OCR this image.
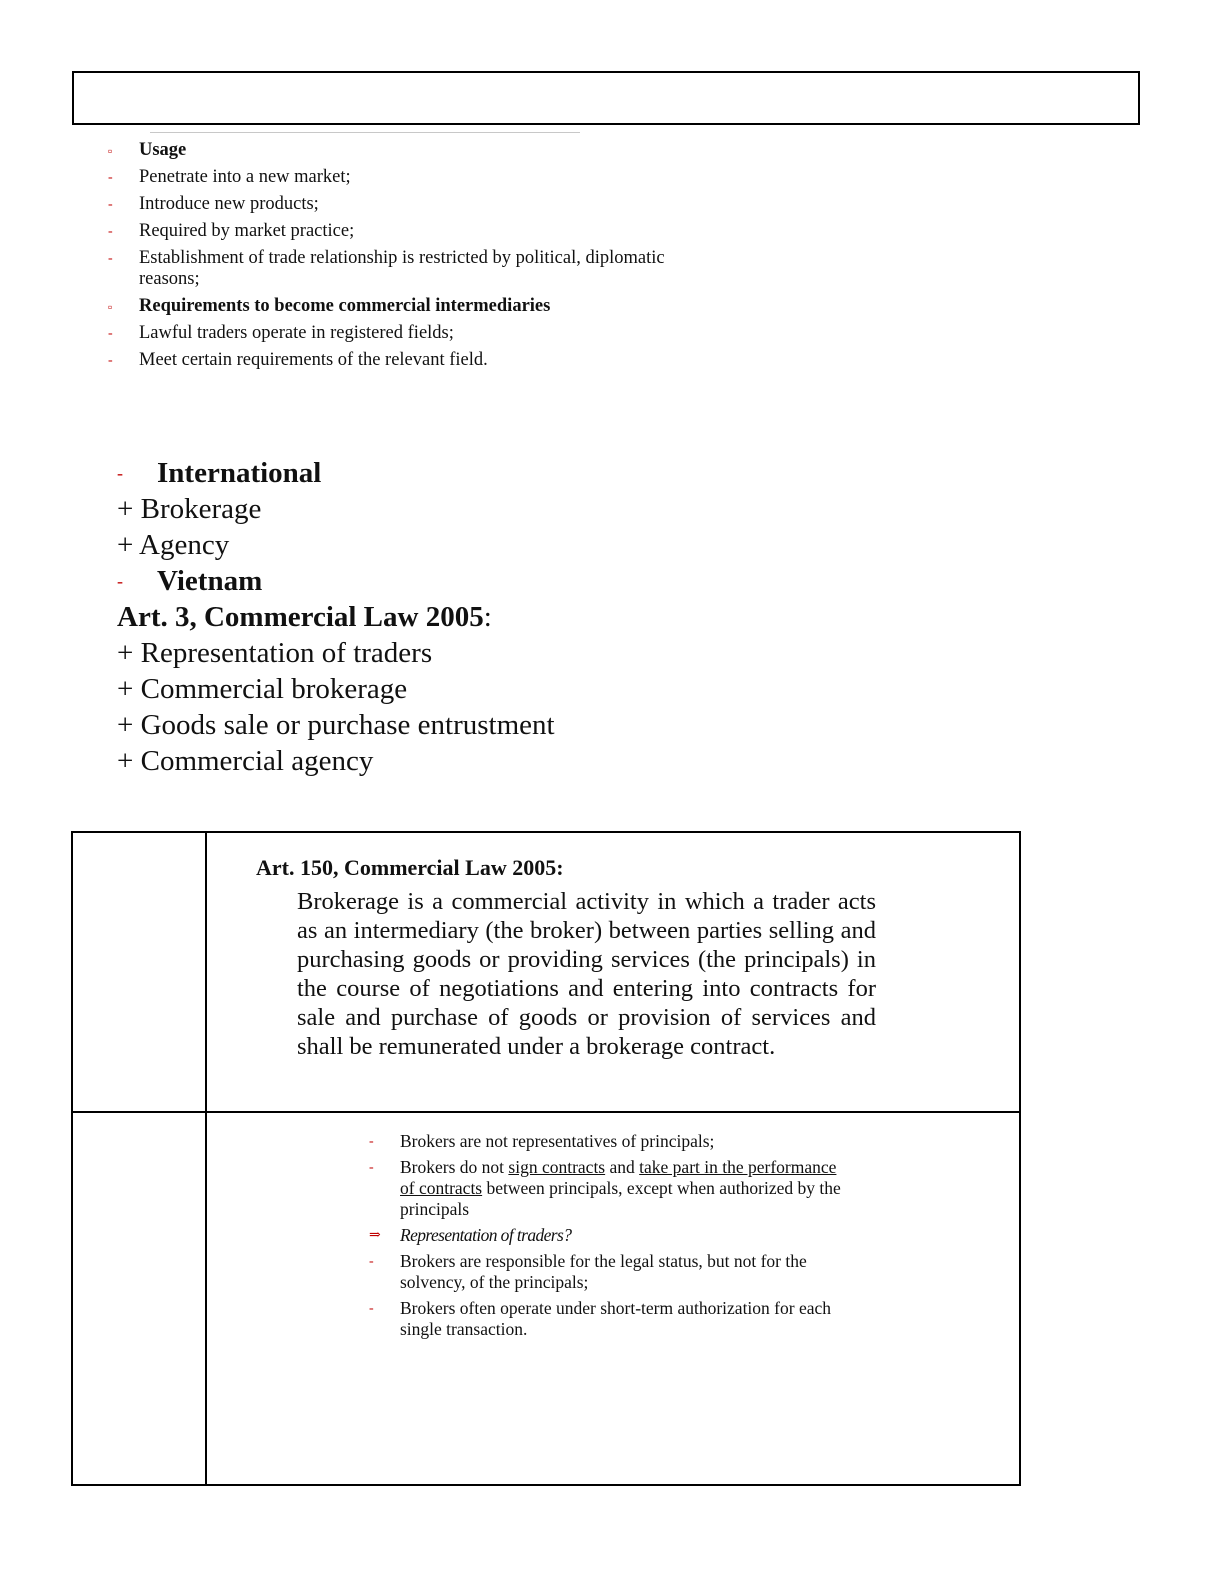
▫ Usage
- Penetrate into a new market;
- Introduce new products;
- Required by market practice;
- Establishment of trade relationship is restricted by political, diplomatic reasons;
▫ Requirements to become commercial intermediaries
- Lawful traders operate in registered fields;
- Meet certain requirements of the relevant field.
- International
+ Brokerage
+ Agency
- Vietnam
Art. 3, Commercial Law 2005:
+ Representation of traders
+ Commercial brokerage
+ Goods sale or purchase entrustment
+ Commercial agency
Art. 150, Commercial Law 2005:
Brokerage is a commercial activity in which a trader acts as an intermediary (the broker) between parties selling and purchasing goods or providing services (the principals) in the course of negotiations and entering into contracts for sale and purchase of goods or provision of services and shall be remunerated under a brokerage contract.
- Brokers are not representatives of principals;
- Brokers do not sign contracts and take part in the performance of contracts between principals, except when authorized by the principals
⇒ Representation of traders?
- Brokers are responsible for the legal status, but not for the solvency, of the principals;
- Brokers often operate under short-term authorization for each single transaction.
